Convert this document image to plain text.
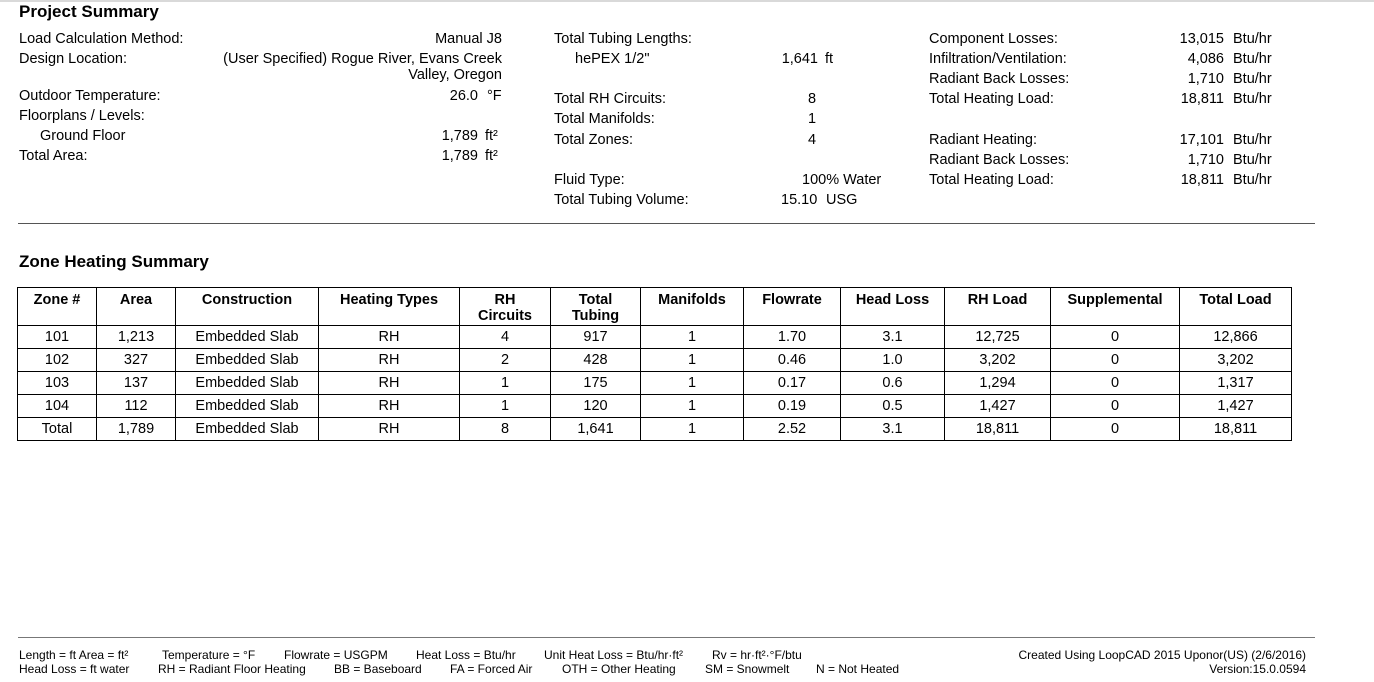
Project Summary
Load Calculation Method:	Manual J8
Design Location:	(User Specified) Rogue River, Evans Creek
Valley, Oregon
Outdoor Temperature:	26.0 °F
Floorplans / Levels:
Ground Floor	1,789 ft²
Total Area:	1,789 ft²
Total Tubing Lengths:
hePEX 1/2"	1,641 ft
Total RH Circuits:	8
Total Manifolds:	1
Total Zones:	4
Fluid Type:	100% Water
Total Tubing Volume:	15.10 USG
Component Losses:	13,015 Btu/hr
Infiltration/Ventilation:	4,086 Btu/hr
Radiant Back Losses:	1,710 Btu/hr
Total Heating Load:	18,811 Btu/hr
Radiant Heating:	17,101 Btu/hr
Radiant Back Losses:	1,710 Btu/hr
Total Heating Load:	18,811 Btu/hr
Zone Heating Summary
Zone #	Area	Construction	Heating Types	RH Circuits	Total Tubing	Manifolds	Flowrate	Head Loss	RH Load	Supplemental	Total Load
101	1,213	Embedded Slab	RH	4	917	1	1.70	3.1	12,725	0	12,866
102	327	Embedded Slab	RH	2	428	1	0.46	1.0	3,202	0	3,202
103	137	Embedded Slab	RH	1	175	1	0.17	0.6	1,294	0	1,317
104	112	Embedded Slab	RH	1	120	1	0.19	0.5	1,427	0	1,427
Total	1,789	Embedded Slab	RH	8	1,641	1	2.52	3.1	18,811	0	18,811
Length = ft Area = ft²	Temperature = °F Flowrate = USGPM Heat Loss = Btu/hr Unit Heat Loss = Btu/hr·ft² Rv = hr·ft²·°F/btu
Head Loss = ft water RH = Radiant Floor Heating BB = Baseboard FA = Forced Air OTH = Other Heating SM = Snowmelt N = Not Heated
Created Using LoopCAD 2015 Uponor(US) (2/6/2016)
Version:15.0.0594
